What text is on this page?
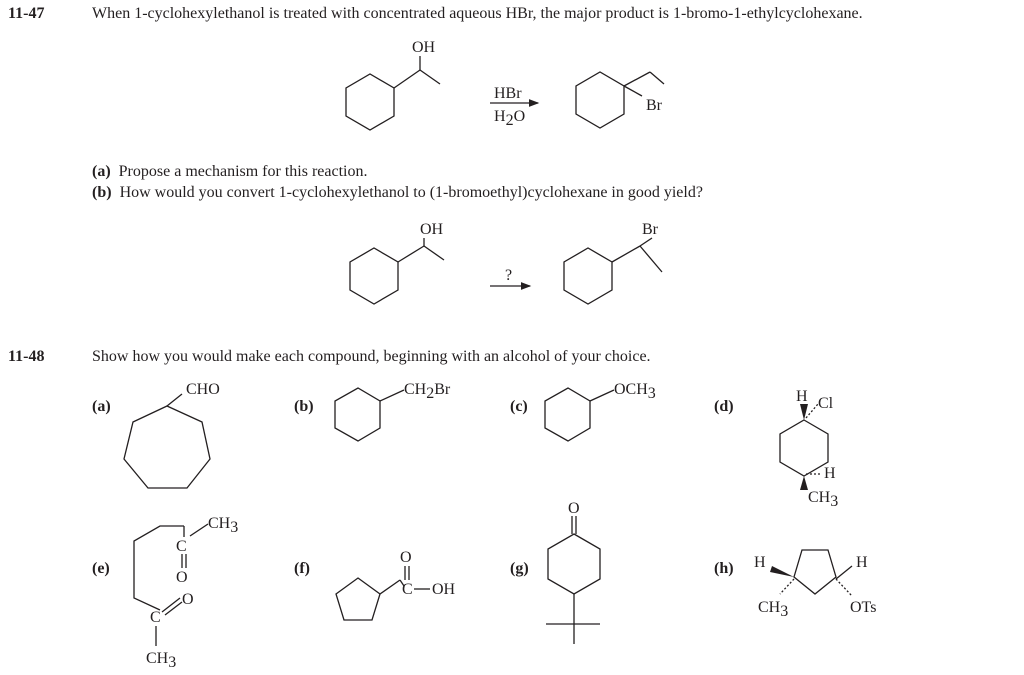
11-47	When 1-cyclohexylethanol is treated with concentrated aqueous HBr, the major product is 1-bromo-1-ethylcyclohexane.
(a) Propose a mechanism for this reaction.
(b) How would you convert 1-cyclohexylethanol to (1-bromoethyl)cyclohexane in good yield?
11-48	Show how you would make each compound, beginning with an alcohol of your choice.
(a)	(b)	(c)	(d)
(e)	(f)	(g)	(h)
OH
HBr
H2O
Br
OH
?
Br
CHO	CH2Br	OCH3	H Cl
H
CH3
C
CH3
O
C
O
CH3
C
O
OH
O
H
CH3
H
OTs
